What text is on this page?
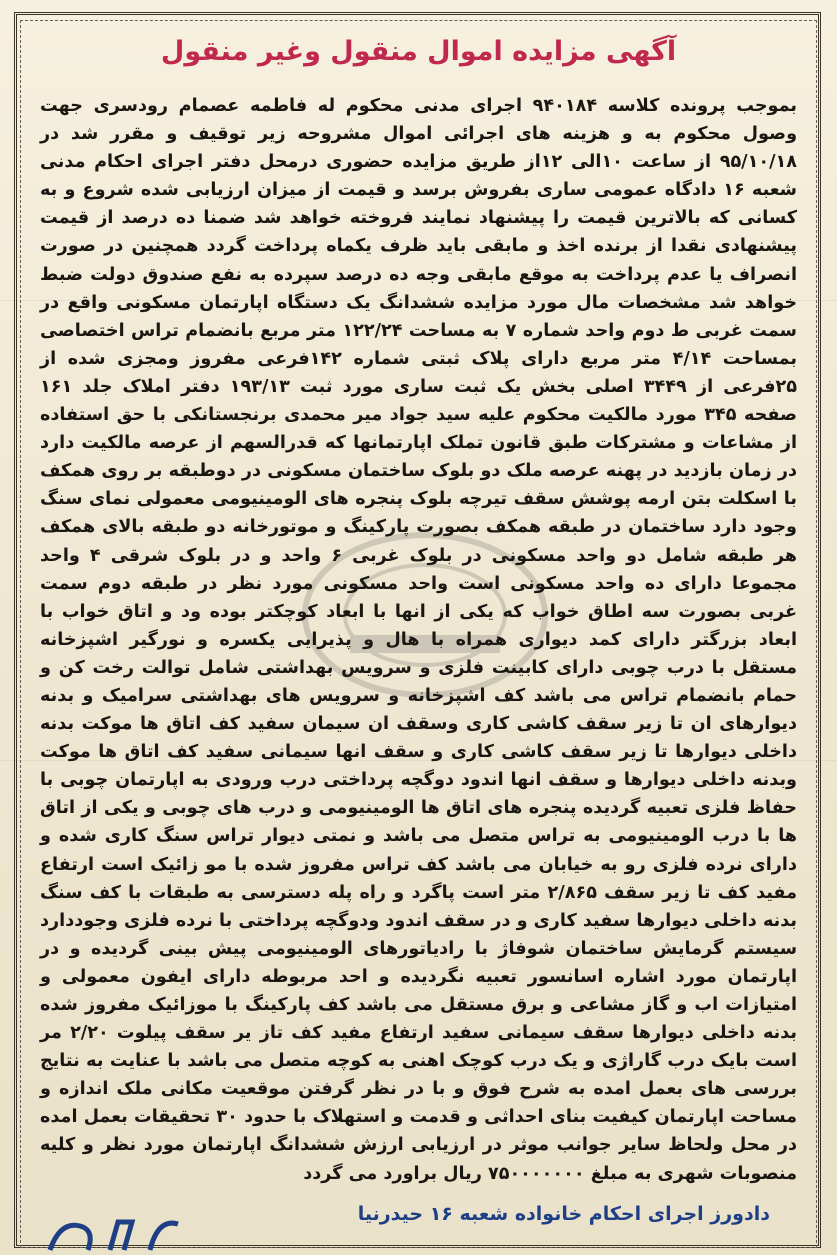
آگهی مزایده اموال منقول وغیر منقول
بموجب پرونده کلاسه ۹۴۰۱۸۴ اجرای مدنی محکوم له فاطمه عصمام رودسری جهت وصول محکوم به و هزینه های اجرائی اموال مشروحه زیر توقیف و مقرر شد در ۹۵/۱۰/۱۸ از ساعت ۱۰الی ۱۲از طریق مزایده حضوری درمحل دفتر اجرای احکام مدنی شعبه ۱۶ دادگاه عمومی ساری بفروش برسد و قیمت از میزان ارزیابی شده شروع و به کسانی که بالاترین قیمت را پیشنهاد نمایند فروخته خواهد شد ضمنا ده درصد از قیمت پیشنهادی نقدا از برنده اخذ و مابقی باید ظرف یکماه پرداخت گردد همچنین در صورت انصراف یا عدم پرداخت به موقع مابقی وجه ده درصد سپرده به نفع صندوق دولت ضبط خواهد شد مشخصات مال مورد مزایده ششدانگ یک دستگاه اپارتمان مسکونی واقع در سمت غربی ط دوم واحد شماره ۷ به مساحت ۱۲۲/۲۴ متر مربع بانضمام تراس اختصاصی بمساحت ۴/۱۴ متر مربع دارای پلاک ثبتی شماره ۱۴۲فرعی مفروز ومجزی شده از ۲۵فرعی از ۳۴۴۹ اصلی بخش یک ثبت ساری مورد ثبت ۱۹۳/۱۳ دفتر املاک جلد ۱۶۱ صفحه ۳۴۵ مورد مالکیت محکوم علیه سید جواد میر محمدی برنجستانکی با حق استفاده از مشاعات و مشترکات طبق قانون تملک اپارتمانها که قدرالسهم از عرصه مالکیت دارد در زمان بازدید در پهنه عرصه ملک دو بلوک ساختمان مسکونی در دوطبقه بر روی همکف با اسکلت بتن ارمه پوشش سقف تیرچه بلوک پنجره های الومینیومی معمولی نمای سنگ وجود دارد ساختمان در طبقه همکف بصورت پارکینگ و موتورخانه دو طبقه بالای همکف هر طبقه شامل دو واحد مسکونی در بلوک غربی ۶ واحد و در بلوک شرقی ۴ واحد مجموعا دارای ده واحد مسکونی است واحد مسکونی مورد نظر در طبقه دوم سمت غربی بصورت سه اطاق خواب که یکی از انها با ابعاد کوچکتر بوده ود و اتاق خواب با ابعاد بزرگتر دارای کمد دیواری همراه با هال و پذیرایی یکسره و نورگیر اشپزخانه مستقل با درب چوبی دارای کابینت فلزی و سرویس بهداشتی شامل توالت رخت کن و حمام بانضمام تراس می باشد کف اشپزخانه و سرویس های بهداشتی سرامیک و بدنه دیوارهای ان تا زیر سقف کاشی کاری وسقف ان سیمان سفید کف اتاق ها موکت بدنه داخلی دیوارها تا زیر سقف کاشی کاری و سقف انها سیمانی سفید کف اتاق ها موکت وبدنه داخلی دیوارها و سقف انها اندود دوگچه پرداختی درب ورودی به اپارتمان چوبی با حفاظ فلزی تعبیه گردیده پنجره های اتاق ها الومینیومی و درب های چوبی و یکی از اتاق ها با درب الومینیومی به تراس متصل می باشد و نمتی دیوار تراس سنگ کاری شده و دارای نرده فلزی رو به خیابان می باشد کف تراس مفروز شده با مو زائیک است ارتفاع مفید کف تا زیر سقف ۲/۸۶۵ متر است پاگرد و راه پله دسترسی به طبقات با کف سنگ بدنه داخلی دیوارها سفید کاری و در سقف اندود ودوگچه پرداختی با نرده فلزی وجوددارد سیستم گرمایش ساختمان شوفاژ با رادیاتورهای الومینیومی پیش بینی گردیده و در اپارتمان مورد اشاره اسانسور تعبیه نگردیده و احد مربوطه دارای ایفون معمولی و امتیازات اب و گاز مشاعی و برق مستقل می باشد کف پارکینگ با موزائیک مفروز شده بدنه داخلی دیوارها سقف سیمانی سفید ارتفاع مفید کف تاز یر سقف پیلوت ۲/۲۰ مر است بایک درب گاراژی و یک درب کوچک اهنی به کوچه متصل می باشد با عنایت به نتایج بررسی های بعمل امده به شرح فوق و با در نظر گرفتن موقعیت مکانی ملک اندازه و مساحت اپارتمان کیفیت بنای احداثی و قدمت و استهلاک با حدود ۳۰ تحقیقات بعمل امده در محل ولحاظ سایر جوانب موثر در ارزیابی ارزش ششدانگ اپارتمان مورد نظر و کلیه منصوبات شهری به مبلغ ۷۵۰۰۰۰۰۰۰ ریال براورد می گردد
دادورز اجرای احکام خانواده شعبه ۱۶ حیدرنیا
